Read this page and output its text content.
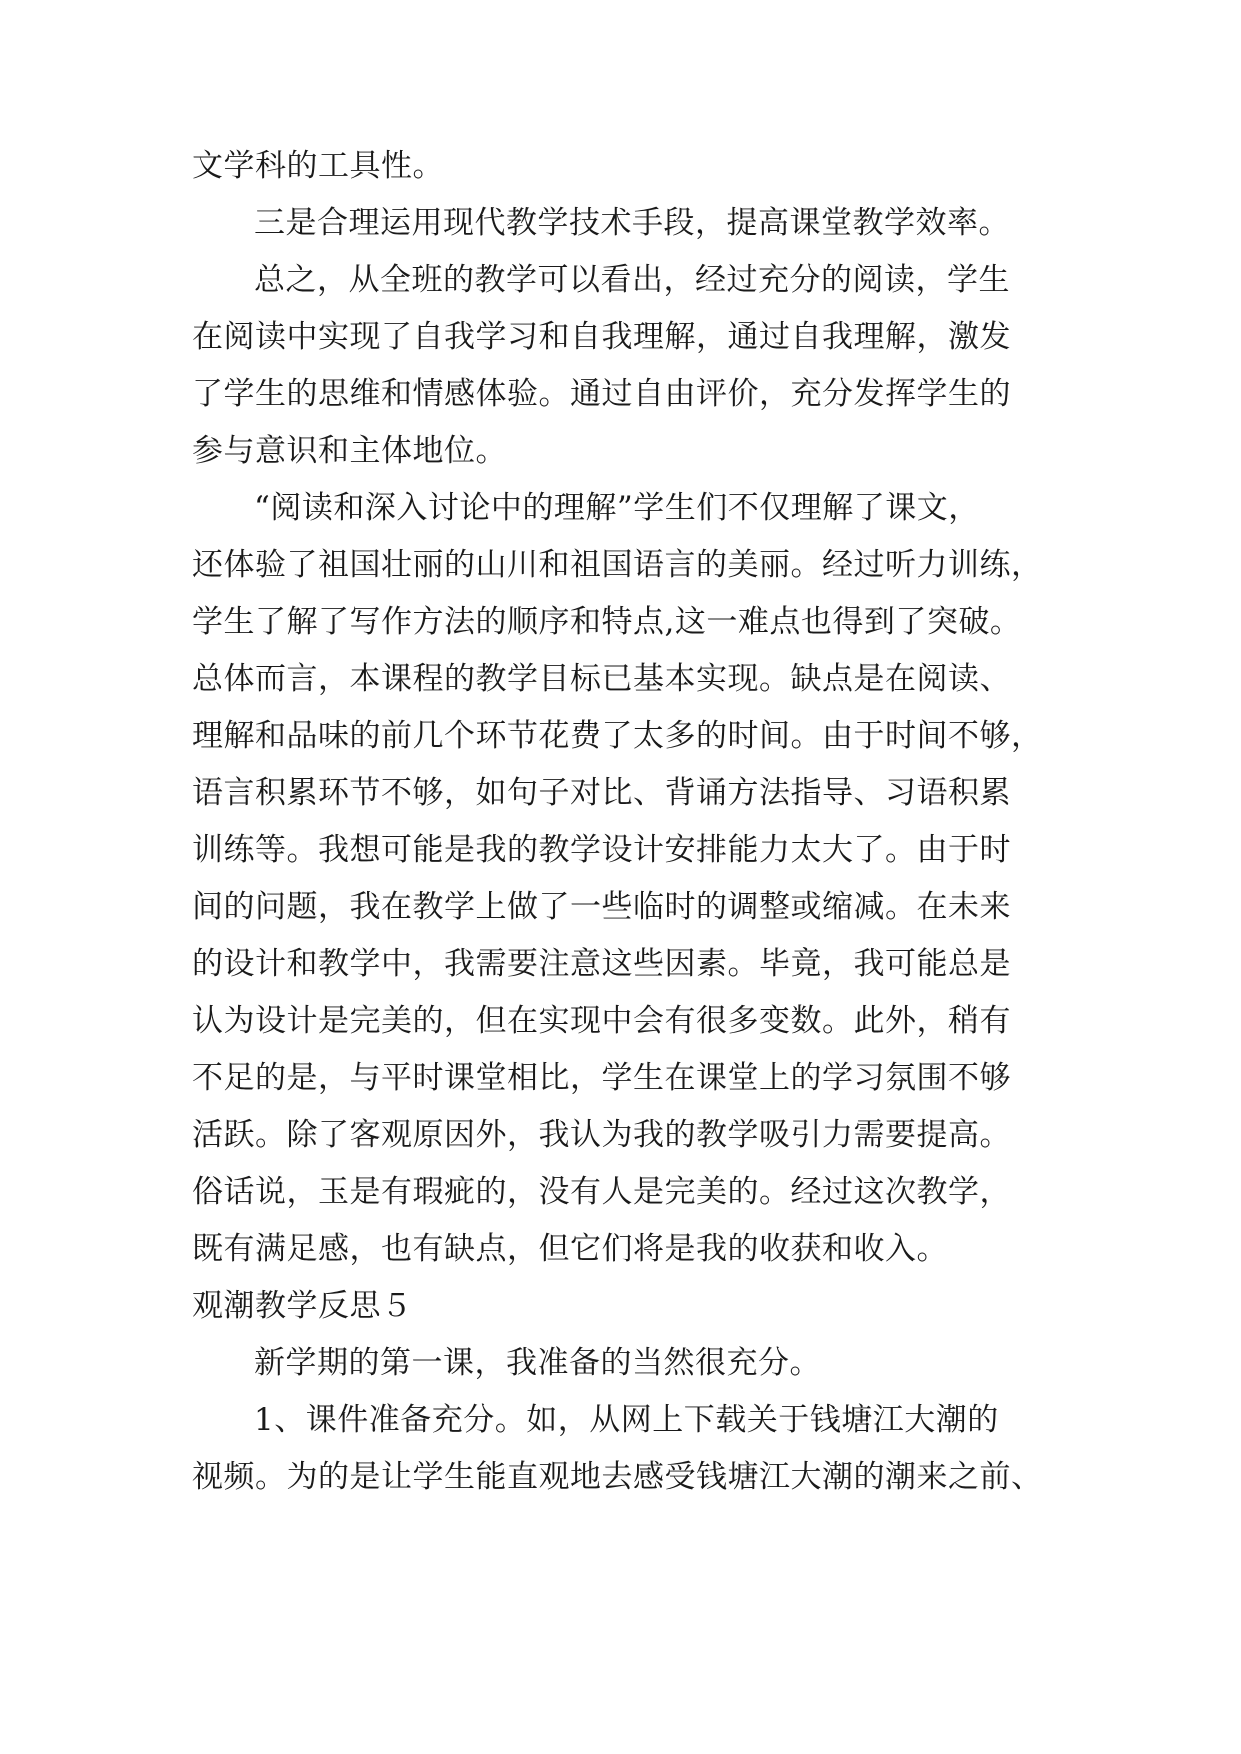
文学科的工具性。
三是合理运用现代教学技术手段，提高课堂教学效率。
总之，从全班的教学可以看出，经过充分的阅读，学生
在阅读中实现了自我学习和自我理解，通过自我理解，激发
了学生的思维和情感体验。通过自由评价，充分发挥学生的
参与意识和主体地位。
“阅读和深入讨论中的理解”学生们不仅理解了课文，
还体验了祖国壮丽的山川和祖国语言的美丽。经过听力训练，
学生了解了写作方法的顺序和特点,这一难点也得到了突破。
总体而言，本课程的教学目标已基本实现。缺点是在阅读、
理解和品味的前几个环节花费了太多的时间。由于时间不够，
语言积累环节不够，如句子对比、背诵方法指导、习语积累
训练等。我想可能是我的教学设计安排能力太大了。由于时
间的问题，我在教学上做了一些临时的调整或缩减。在未来
的设计和教学中，我需要注意这些因素。毕竟，我可能总是
认为设计是完美的，但在实现中会有很多变数。此外，稍有
不足的是，与平时课堂相比，学生在课堂上的学习氛围不够
活跃。除了客观原因外，我认为我的教学吸引力需要提高。
俗话说，玉是有瑕疵的，没有人是完美的。经过这次教学，
既有满足感，也有缺点，但它们将是我的收获和收入。
观潮教学反思５
新学期的第一课，我准备的当然很充分。
1、课件准备充分。如，从网上下载关于钱塘江大潮的
视频。为的是让学生能直观地去感受钱塘江大潮的潮来之前、
